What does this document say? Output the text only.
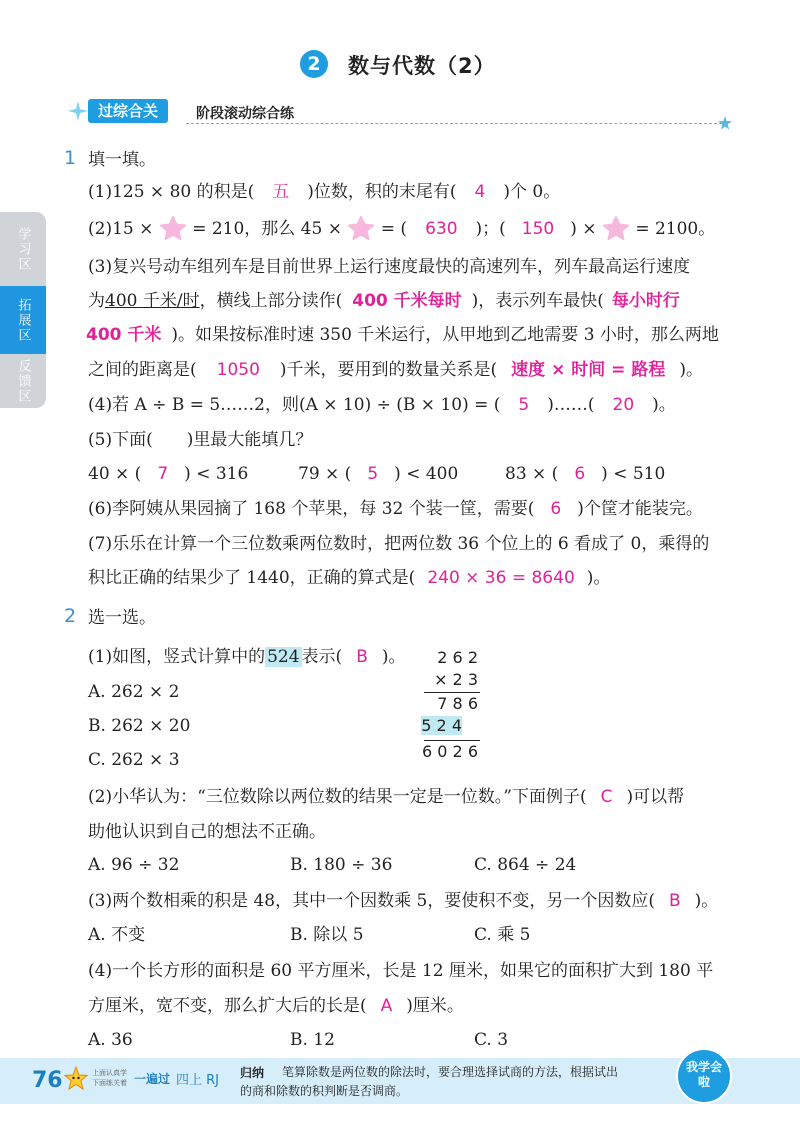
2	数与代数（2）
过综合关	阶段滚动综合练
学习区
拓展区
反馈区
1 填一填。
(1)125 × 80 的积是( 五 )位数，积的末尾有( 4 )个 0。
(2)15 × = 210，那么 45 × = ( 630 )；( 150 ) × = 2100。
(3)复兴号动车组列车是目前世界上运行速度最快的高速列车，列车最高运行速度
为400 千米/时，横线上部分读作( 400 千米每时 )，表示列车最快( 每小时行
400 千米 )。如果按标准时速 350 千米运行，从甲地到乙地需要 3 小时，那么两地
之间的距离是( 1050 )千米，要用到的数量关系是( 速度 × 时间 = 路程 )。
(4)若 A ÷ B = 5……2，则(A × 10) ÷ (B × 10) = ( 5 )……( 20 )。
(5)下面(　　)里最大能填几？
40 × ( 7 ) < 316	79 × ( 5 ) < 400	83 × ( 6 ) < 510
(6)李阿姨从果园摘了 168 个苹果，每 32 个装一筐，需要( 6 )个筐才能装完。
(7)乐乐在计算一个三位数乘两位数时，把两位数 36 个位上的 6 看成了 0，乘得的
积比正确的结果少了 1440，正确的算式是( 240 × 36 = 8640 )。
2 选一选。
(1)如图，竖式计算中的 524 表示( B )。
A. 262 × 2
B. 262 × 20
C. 262 × 3
2 6 2
× 2 3
7 8 6
5 2 4
6 0 2 6
(2)小华认为：“三位数除以两位数的结果一定是一位数。”下面例子( C )可以帮
助他认识到自己的想法不正确。
A. 96 ÷ 32	B. 180 ÷ 36	C. 864 ÷ 24
(3)两个数相乘的积是 48，其中一个因数乘 5，要使积不变，另一个因数应( B )。
A. 不变	B. 除以 5	C. 乘 5
(4)一个长方形的面积是 60 平方厘米，长是 12 厘米，如果它的面积扩大到 180 平
方厘米，宽不变，那么扩大后的长是( A )厘米。
A. 36	B. 12	C. 3
76	上面认真学
下面练关着 一遍过 四上 RJ 归纳 笔算除数是两位数的除法时，要合理选择试商的方法，根据试出
的商和除数的积判断是否调商。
我学会啦
